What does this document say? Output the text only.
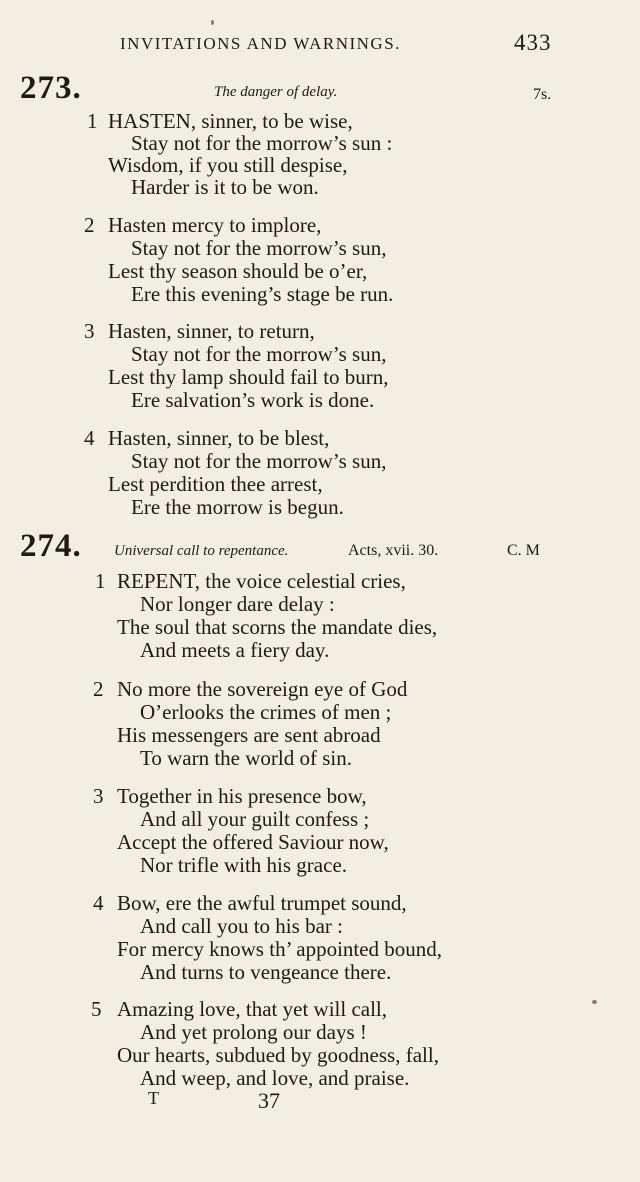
INVITATIONS AND WARNINGS.	433
273.	The danger of delay.	7s.
1 HASTEN, sinner, to be wise,
Stay not for the morrow’s sun :
Wisdom, if you still despise,
Harder is it to be won.
2 Hasten mercy to implore,
Stay not for the morrow’s sun,
Lest thy season should be o’er,
Ere this evening’s stage be run.
3 Hasten, sinner, to return,
Stay not for the morrow’s sun,
Lest thy lamp should fail to burn,
Ere salvation’s work is done.
4 Hasten, sinner, to be blest,
Stay not for the morrow’s sun,
Lest perdition thee arrest,
Ere the morrow is begun.
274. Universal call to repentance.	Acts, xvii. 30.	C. M
1 REPENT, the voice celestial cries,
Nor longer dare delay :
The soul that scorns the mandate dies,
And meets a fiery day.
2 No more the sovereign eye of God
O’erlooks the crimes of men ;
His messengers are sent abroad
To warn the world of sin.
3 Together in his presence bow,
And all your guilt confess ;
Accept the offered Saviour now,
Nor trifle with his grace.
4 Bow, ere the awful trumpet sound,
And call you to his bar :
For mercy knows th’ appointed bound,
And turns to vengeance there.
5 Amazing love, that yet will call,
And yet prolong our days !
Our hearts, subdued by goodness, fall,
And weep, and love, and praise.
T	37
